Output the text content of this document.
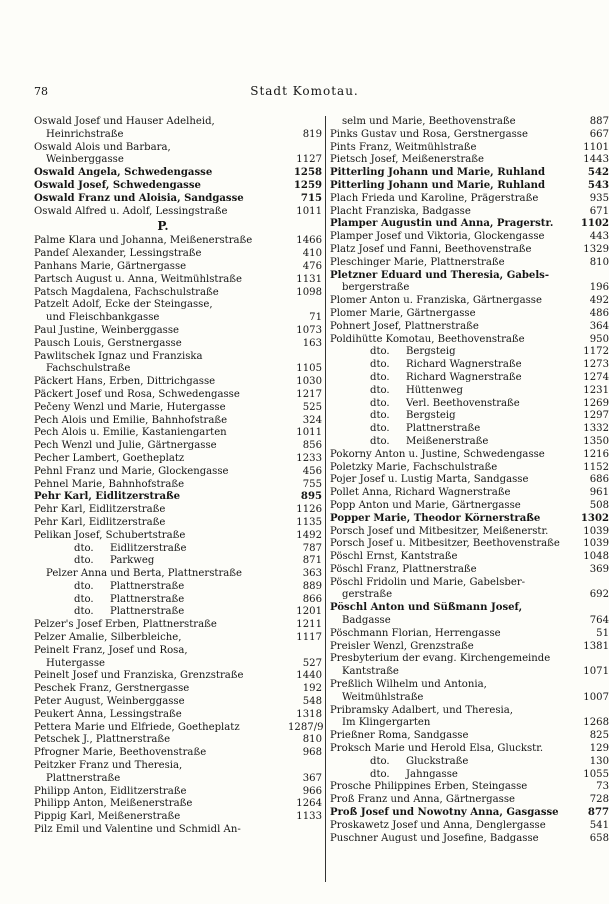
78	Stadt Komotau.
Oswald Josef und Hauser Adelheid,
Heinrichstraße	819
Oswald Alois und Barbara,
Weinberggasse	1127
Oswald Angela, Schwedengasse	1258
Oswald Josef, Schwedengasse	1259
Oswald Franz und Aloisia, Sandgasse	715
Oswald Alfred u. Adolf, Lessingstraße	1011
P.
Palme Klara und Johanna, Meißenerstraße	1466
Pandeſ Alexander, Lessingstraße	410
Panhans Marie, Gärtnergasse	476
Partsch August u. Anna, Weitmühlstraße	1131
Patsch Magdalena, Fachschulstraße	1098
Patzelt Adolf, Ecke der Steingasse,
und Fleischbankgasse	71
Paul Justine, Weinberggasse	1073
Pausch Louis, Gerstnergasse	163
Pawlitschek Ignaz und Franziska
Fachschulstraße	1105
Päckert Hans, Erben, Dittrichgasse	1030
Päckert Josef und Rosa, Schwedengasse	1217
Pečeny Wenzl und Marie, Hutergasse	525
Pech Alois und Emilie, Bahnhofstraße	324
Pech Alois u. Emilie, Kastaniengarten	1011
Pech Wenzl und Julie, Gärtnergasse	856
Pecher Lambert, Goetheplatz	1233
Pehnl Franz und Marie, Glockengasse	456
Pehnel Marie, Bahnhofstraße	755
Pehr Karl, Eidlitzerstraße	895
Pehr Karl, Eidlitzerstraße	1126
Pehr Karl, Eidlitzerstraße	1135
Pelikan Josef, Schubertstraße	1492
dto. Eidlitzerstraße	787
dto. Parkweg	871
Pelzer Anna und Berta, Plattnerstraße	363
dto. Plattnerstraße	889
dto. Plattnerstraße	866
dto. Plattnerstraße	1201
Pelzer's Josef Erben, Plattnerstraße	1211
Pelzer Amalie, Silberbleiche,	1117
Peinelt Franz, Josef und Rosa,
Hutergasse	527
Peinelt Josef und Franziska, Grenzstraße	1440
Peschek Franz, Gerstnergasse	192
Peter August, Weinberggasse	548
Peukert Anna, Lessingstraße	1318
Pettera Marie und Elfriede, Goetheplatz	1287/9
Petschek J., Plattnerstraße	810
Pfrogner Marie, Beethovenstraße	968
Peitzker Franz und Theresia,
Plattnerstraße	367
Philipp Anton, Eidlitzerstraße	966
Philipp Anton, Meißenerstraße	1264
Pippig Karl, Meißenerstraße	1133
Pilz Emil und Valentine und Schmidl An-
selm und Marie, Beethovenstraße	887
Pinks Gustav und Rosa, Gerstnergasse	667
Pints Franz, Weitmühlstraße	1101
Pietsch Josef, Meißenerstraße	1443
Pitterling Johann und Marie, Ruhland	542
Pitterling Johann und Marie, Ruhland	543
Plach Frieda und Karoline, Prägerstraße	935
Placht Franziska, Badgasse	671
Plamper Augustin und Anna, Pragerstr.	1102
Plamper Josef und Viktoria, Glockengasse	443
Platz Josef und Fanni, Beethovenstraße	1329
Pleschinger Marie, Plattnerstraße	810
Pletzner Eduard und Theresia, Gabels-
bergerstraße	196
Plomer Anton u. Franziska, Gärtnergasse	492
Plomer Marie, Gärtnergasse	486
Pohnert Josef, Plattnerstraße	364
Poldihütte Komotau, Beethovenstraße	950
dto. Bergsteig	1172
dto. Richard Wagnerstraße	1273
dto. Richard Wagnerstraße	1274
dto. Hüttenweg	1231
dto. Verl. Beethovenstraße	1269
dto. Bergsteig	1297
dto. Plattnerstraße	1332
dto. Meißenerstraße	1350
Pokorny Anton u. Justine, Schwedengasse	1216
Poletzky Marie, Fachschulstraße	1152
Pojer Josef u. Lustig Marta, Sandgasse	686
Pollet Anna, Richard Wagnerstraße	961
Popp Anton und Marie, Gärtnergasse	508
Popper Marie, Theodor Körnerstraße	1302
Porsch Josef und Mitbesitzer, Meißenerstr.	1039
Porsch Josef u. Mitbesitzer, Beethovenstraße	1039
Pöschl Ernst, Kantstraße	1048
Pöschl Franz, Plattnerstraße	369
Pöschl Fridolin und Marie, Gabelsber-
gerstraße	692
Pöschl Anton und Süßmann Josef,
Badgasse	764
Pöschmann Florian, Herrengasse	51
Preisler Wenzl, Grenzstraße	1381
Presbyterium der evang. Kirchengemeinde
Kantstraße	1071
Preßlich Wilhelm und Antonia,
Weitmühlstraße	1007
Pribramsky Adalbert, und Theresia,
Im Klingergarten	1268
Prießner Roma, Sandgasse	825
Proksch Marie und Herold Elsa, Gluckstr.	129
dto. Gluckstraße	130
dto. Jahngasse	1055
Prosche Philippines Erben, Steingasse	73
Proß Franz und Anna, Gärtnergasse	728
Proß Josef und Nowotny Anna, Gasgasse	877
Proskawetz Josef und Anna, Denglergasse	541
Puschner August und Josefine, Badgasse	658
